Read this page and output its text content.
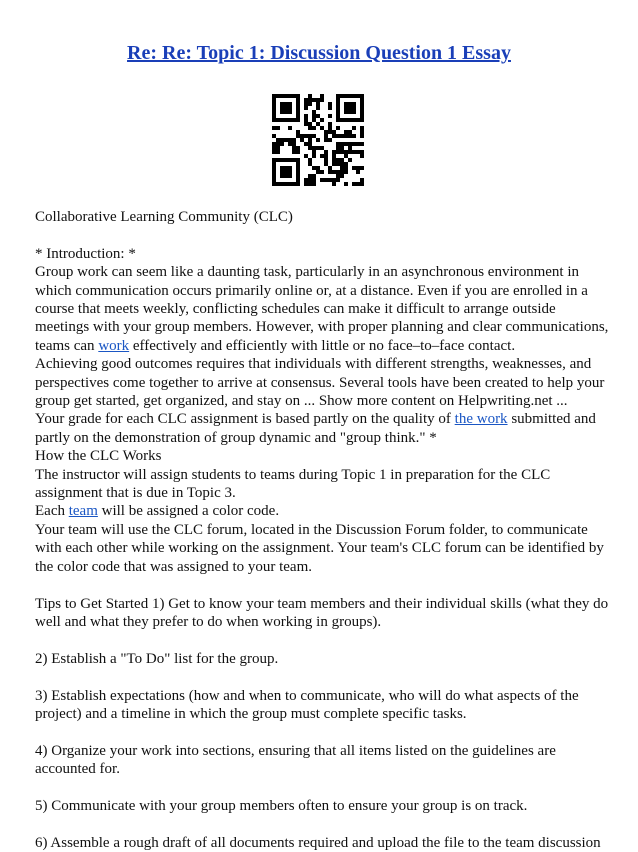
Re: Re: Topic 1: Discussion Question 1 Essay

Collaborative Learning Community (CLC)

* Introduction: *

Group work can seem like a daunting task, particularly in an asynchronous environment in which communication occurs primarily online or, at a distance. Even if you are enrolled in a course that meets weekly, conflicting schedules can make it difficult to arrange outside meetings with your group members. However, with proper planning and clear communications, teams can work effectively and efficiently with little or no face–to–face contact.

Achieving good outcomes requires that individuals with different strengths, weaknesses, and perspectives come together to arrive at consensus. Several tools have been created to help your group get started, get organized, and stay on ... Show more content on Helpwriting.net ...

Your grade for each CLC assignment is based partly on the quality of the work submitted and partly on the demonstration of group dynamic and "group think." *

How the CLC Works

The instructor will assign students to teams during Topic 1 in preparation for the CLC assignment that is due in Topic 3.

Each team will be assigned a color code.

Your team will use the CLC forum, located in the Discussion Forum folder, to communicate with each other while working on the assignment. Your team's CLC forum can be identified by the color code that was assigned to your team.

Tips to Get Started 1) Get to know your team members and their individual skills (what they do well and what they prefer to do when working in groups).

2) Establish a "To Do" list for the group.

3) Establish expectations (how and when to communicate, who will do what aspects of the project) and a timeline in which the group must complete specific tasks.

4) Organize your work into sections, ensuring that all items listed on the guidelines are accounted for.

5) Communicate with your group members often to ensure your group is on track.

6) Assemble a rough draft of all documents required and upload the file to the team discussion
